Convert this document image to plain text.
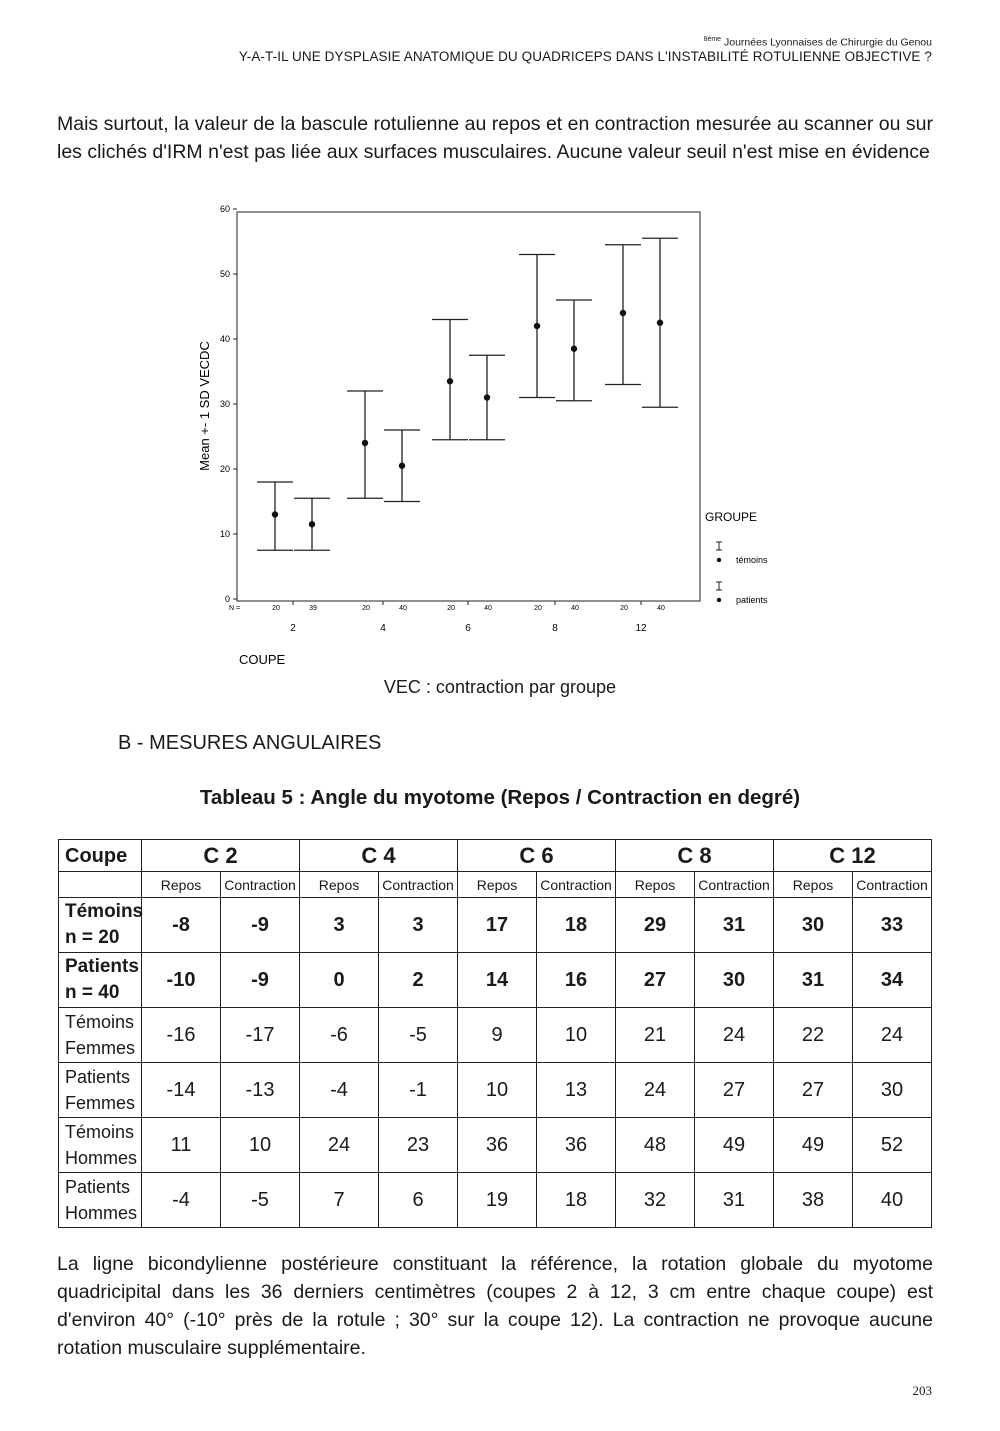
$^{8ème}$ Journées Lyonnaises de Chirurgie du Genou
Y-A-T-IL UNE DYSPLASIE ANATOMIQUE DU QUADRICEPS DANS L'INSTABILITÉ ROTULIENNE OBJECTIVE ?

Mais surtout, la valeur de la bascule rotulienne au repos et en contraction mesurée au scanner ou sur les clichés d'IRM n'est pas liée aux surfaces musculaires. Aucune valeur seuil n'est mise en évidence

0
10
20
30
40
50
60
2	4	6	8	12
20	20	20	20	20
39	40	40	40	40
Mean +- 1 SD VECDC
N =
COUPE
GROUPE
témoins
patients
VEC : contraction par groupe
B - MESURES ANGULAIRES
Tableau 5 : Angle du myotome (Repos / Contraction en degré)
Coupe	C 2		C 4		C 6		C 8		C 12	
	Repos	Contraction	Repos	Contraction	Repos	Contraction	Repos	Contraction	Repos	Contraction

Témoins
n = 20	-8	-9	3	3	17	18	29	31	30	33

Patients
n = 40	-10	-9	0	2	14	16	27	30	31	34

Témoins
Femmes	-16	-17	-6	-5	9	10	21	24	22	24

Patients
Femmes	-14	-13	-4	-1	10	13	24	27	27	30

Témoins
Hommes	11	10	24	23	36	36	48	49	49	52

Patients
Hommes	-4	-5	7	6	19	18	32	31	38	40

La ligne bicondylienne postérieure constituant la référence, la rotation globale du myotome quadricipital dans les 36 derniers centimètres (coupes 2 à 12, 3 cm entre chaque coupe) est d'environ 40° (-10° près de la rotule ; 30° sur la coupe 12). La contraction ne provoque aucune rotation musculaire supplémentaire.

203
